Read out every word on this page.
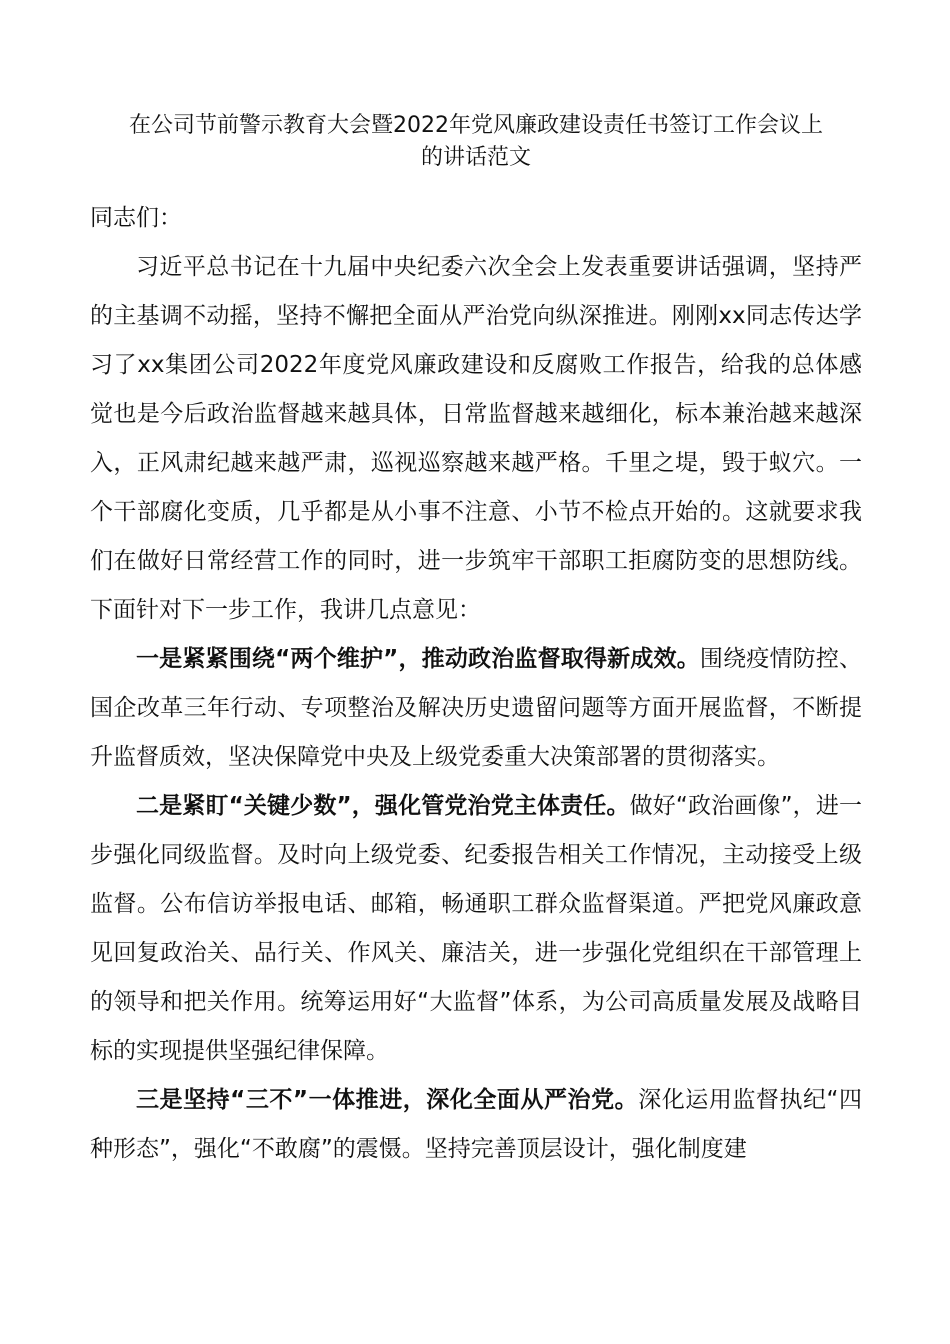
在公司节前警示教育大会暨2022年党风廉政建设责任书签订工作会议上
的讲话范文

同志们：

习近平总书记在十九届中央纪委六次全会上发表重要讲话强调，坚持严的主基调不动摇，坚持不懈把全面从严治党向纵深推进。刚刚xx同志传达学习了xx集团公司2022年度党风廉政建设和反腐败工作报告，给我的总体感觉也是今后政治监督越来越具体，日常监督越来越细化，标本兼治越来越深入，正风肃纪越来越严肃，巡视巡察越来越严格。千里之堤，毁于蚁穴。一个干部腐化变质，几乎都是从小事不注意、小节不检点开始的。这就要求我们在做好日常经营工作的同时，进一步筑牢干部职工拒腐防变的思想防线。下面针对下一步工作，我讲几点意见：

一是紧紧围绕“两个维护”，推动政治监督取得新成效。围绕疫情防控、国企改革三年行动、专项整治及解决历史遗留问题等方面开展监督，不断提升监督质效，坚决保障党中央及上级党委重大决策部署的贯彻落实。

二是紧盯“关键少数”，强化管党治党主体责任。做好“政治画像”，进一步强化同级监督。及时向上级党委、纪委报告相关工作情况，主动接受上级监督。公布信访举报电话、邮箱，畅通职工群众监督渠道。严把党风廉政意见回复政治关、品行关、作风关、廉洁关，进一步强化党组织在干部管理上的领导和把关作用。统筹运用好“大监督”体系，为公司高质量发展及战略目标的实现提供坚强纪律保障。

三是坚持“三不”一体推进，深化全面从严治党。深化运用监督执纪“四种形态”，强化“不敢腐”的震慑。坚持完善顶层设计，强化制度建
